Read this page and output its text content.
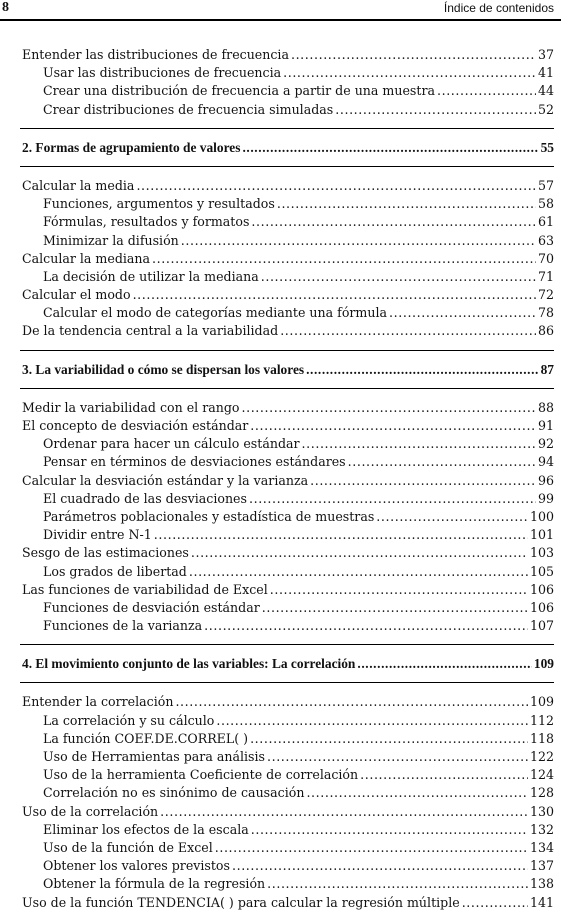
8	Índice de contenidos
Entender las distribuciones de frecuencia .....	37
Usar las distribuciones de frecuencia .....	41
Crear una distribución de frecuencia a partir de una muestra .....	44
Crear distribuciones de frecuencia simuladas .....	52
2. Formas de agrupamiento de valores .....	55
Calcular la media .....	57
Funciones, argumentos y resultados .....	58
Fórmulas, resultados y formatos .....	61
Minimizar la difusión .....	63
Calcular la mediana .....	70
La decisión de utilizar la mediana .....	71
Calcular el modo .....	72
Calcular el modo de categorías mediante una fórmula .....	78
De la tendencia central a la variabilidad .....	86
3. La variabilidad o cómo se dispersan los valores .....	87
Medir la variabilidad con el rango .....	88
El concepto de desviación estándar .....	91
Ordenar para hacer un cálculo estándar .....	92
Pensar en términos de desviaciones estándares .....	94
Calcular la desviación estándar y la varianza .....	96
El cuadrado de las desviaciones .....	99
Parámetros poblacionales y estadística de muestras .....	100
Dividir entre N-1 .....	101
Sesgo de las estimaciones .....	103
Los grados de libertad .....	105
Las funciones de variabilidad de Excel .....	106
Funciones de desviación estándar .....	106
Funciones de la varianza .....	107
4. El movimiento conjunto de las variables: La correlación .....	109
Entender la correlación .....	109
La correlación y su cálculo .....	112
La función COEF.DE.CORREL( ) .....	118
Uso de Herramientas para análisis .....	122
Uso de la herramienta Coeficiente de correlación .....	124
Correlación no es sinónimo de causación .....	128
Uso de la correlación .....	130
Eliminar los efectos de la escala .....	132
Uso de la función de Excel .....	134
Obtener los valores previstos .....	137
Obtener la fórmula de la regresión .....	138
Uso de la función TENDENCIA( ) para calcular la regresión múltiple .....	141
